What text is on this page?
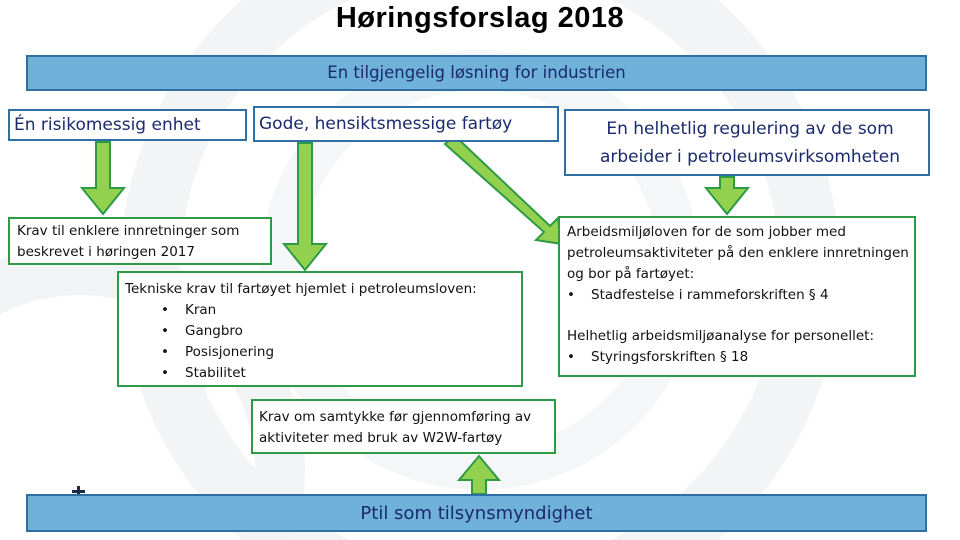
Høringsforslag 2018
En tilgjengelig løsning for industrien
Én risikomessig enhet	Gode, hensiktsmessige fartøy	En helhetlig regulering av de som arbeider i petroleumsvirksomheten
Krav til enklere innretninger som beskrevet i høringen 2017
Tekniske krav til fartøyet hjemlet i petroleumsloven:
• Kran
• Gangbro
• Posisjonering
• Stabilitet
Arbeidsmiljøloven for de som jobber med petroleumsaktiviteter på den enklere innretningen og bor på fartøyet:
• Stadfestelse i rammeforskriften § 4
Helhetlig arbeidsmiljøanalyse for personellet:
• Styringsforskriften § 18
Krav om samtykke før gjennomføring av aktiviteter med bruk av W2W-fartøy
Ptil som tilsynsmyndighet
